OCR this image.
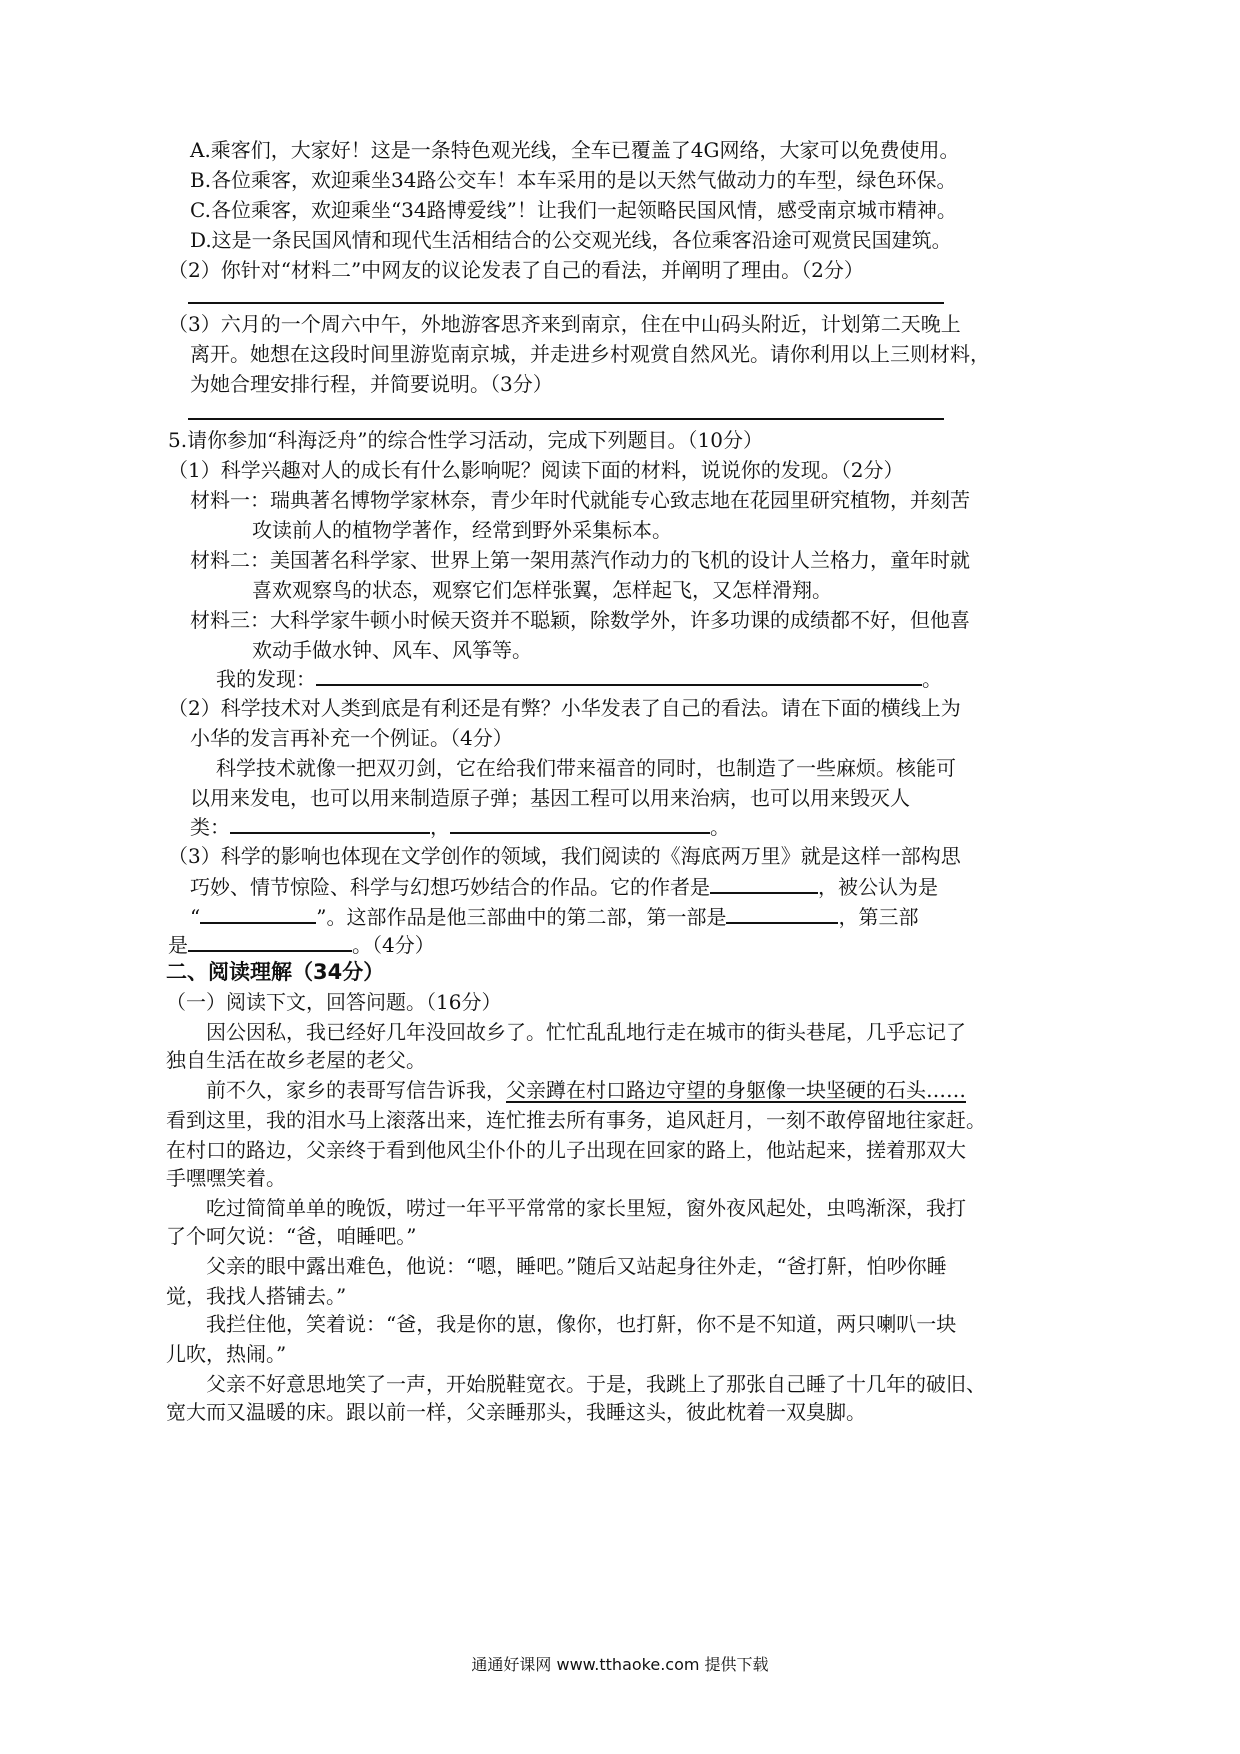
A.乘客们，大家好！这是一条特色观光线，全车已覆盖了4G网络，大家可以免费使用。
B.各位乘客，欢迎乘坐34路公交车！本车采用的是以天然气做动力的车型，绿色环保。
C.各位乘客，欢迎乘坐“34路博爱线”！让我们一起领略民国风情，感受南京城市精神。
D.这是一条民国风情和现代生活相结合的公交观光线，各位乘客沿途可观赏民国建筑。
（2）你针对“材料二”中网友的议论发表了自己的看法，并阐明了理由。（2分）
（3）六月的一个周六中午，外地游客思齐来到南京，住在中山码头附近，计划第二天晚上
离开。她想在这段时间里游览南京城，并走进乡村观赏自然风光。请你利用以上三则材料，
为她合理安排行程，并简要说明。（3分）
5.请你参加“科海泛舟”的综合性学习活动，完成下列题目。（10分）
（1）科学兴趣对人的成长有什么影响呢？阅读下面的材料，说说你的发现。（2分）
材料一：瑞典著名博物学家林奈，青少年时代就能专心致志地在花园里研究植物，并刻苦
攻读前人的植物学著作，经常到野外采集标本。
材料二：美国著名科学家、世界上第一架用蒸汽作动力的飞机的设计人兰格力，童年时就
喜欢观察鸟的状态，观察它们怎样张翼，怎样起飞，又怎样滑翔。
材料三：大科学家牛顿小时候天资并不聪颖，除数学外，许多功课的成绩都不好，但他喜
欢动手做水钟、风车、风筝等。
我的发现：	。
（2）科学技术对人类到底是有利还是有弊？小华发表了自己的看法。请在下面的横线上为
小华的发言再补充一个例证。（4分）
科学技术就像一把双刃剑，它在给我们带来福音的同时，也制造了一些麻烦。核能可
以用来发电，也可以用来制造原子弹；基因工程可以用来治病，也可以用来毁灭人
类：	，	。
（3）科学的影响也体现在文学创作的领域，我们阅读的《海底两万里》就是这样一部构思
巧妙、情节惊险、科学与幻想巧妙结合的作品。它的作者是	，被公认为是
“	”。这部作品是他三部曲中的第二部，第一部是	，第三部
是	。（4分）
二、阅读理解（34分）
（一）阅读下文，回答问题。（16分）
因公因私，我已经好几年没回故乡了。忙忙乱乱地行走在城市的街头巷尾，几乎忘记了
独自生活在故乡老屋的老父。
前不久，家乡的表哥写信告诉我，父亲蹲在村口路边守望的身躯像一块坚硬的石头……
看到这里，我的泪水马上滚落出来，连忙推去所有事务，追风赶月，一刻不敢停留地往家赶。
在村口的路边，父亲终于看到他风尘仆仆的儿子出现在回家的路上，他站起来，搓着那双大
手嘿嘿笑着。
吃过简简单单的晚饭，唠过一年平平常常的家长里短，窗外夜风起处，虫鸣渐深，我打
了个呵欠说：“爸，咱睡吧。”
父亲的眼中露出难色，他说：“嗯，睡吧。”随后又站起身往外走，“爸打鼾，怕吵你睡
觉，我找人搭铺去。”
我拦住他，笑着说：“爸，我是你的崽，像你，也打鼾，你不是不知道，两只喇叭一块
儿吹，热闹。”
父亲不好意思地笑了一声，开始脱鞋宽衣。于是，我跳上了那张自己睡了十几年的破旧、
宽大而又温暖的床。跟以前一样，父亲睡那头，我睡这头，彼此枕着一双臭脚。
通通好课网 www.tthaoke.com 提供下载
